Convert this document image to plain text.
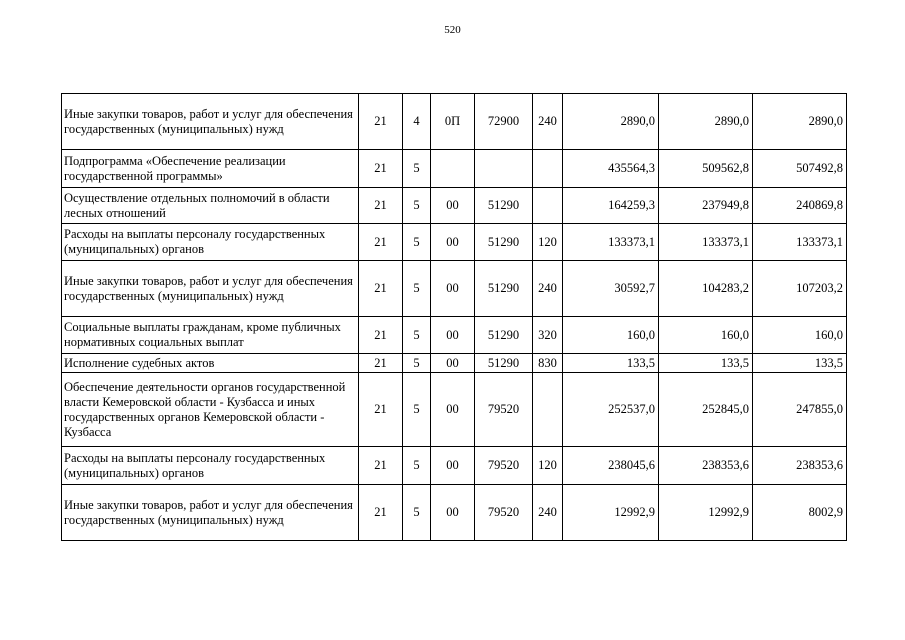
520
Иные закупки товаров, работ и услуг для обеспечения государственных (муниципальных) нужд	21	4	0П	72900	240	2890,0	2890,0	2890,0
Подпрограмма «Обеспечение реализации государственной программы»	21	5				435564,3	509562,8	507492,8
Осуществление отдельных полномочий в области лесных отношений	21	5	00	51290		164259,3	237949,8	240869,8
Расходы на выплаты персоналу государственных (муниципальных) органов	21	5	00	51290	120	133373,1	133373,1	133373,1
Иные закупки товаров, работ и услуг для обеспечения государственных (муниципальных) нужд	21	5	00	51290	240	30592,7	104283,2	107203,2
Социальные выплаты гражданам, кроме публичных нормативных социальных выплат	21	5	00	51290	320	160,0	160,0	160,0
Исполнение судебных актов	21	5	00	51290	830	133,5	133,5	133,5
Обеспечение деятельности органов государственной власти Кемеровской области - Кузбасса и иных государственных органов Кемеровской области - Кузбасса	21	5	00	79520		252537,0	252845,0	247855,0
Расходы на выплаты персоналу государственных (муниципальных) органов	21	5	00	79520	120	238045,6	238353,6	238353,6
Иные закупки товаров, работ и услуг для обеспечения государственных (муниципальных) нужд	21	5	00	79520	240	12992,9	12992,9	8002,9
